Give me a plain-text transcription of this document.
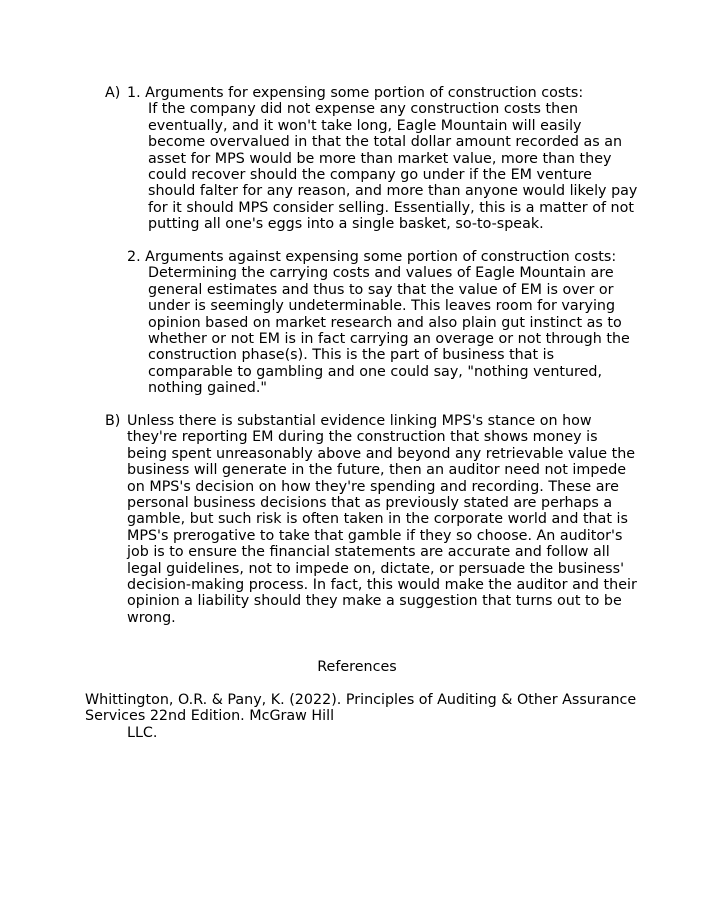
A) 1. Arguments for expensing some portion of construction costs:
If the company did not expense any construction costs then
eventually, and it won't take long, Eagle Mountain will easily
become overvalued in that the total dollar amount recorded as an
asset for MPS would be more than market value, more than they
could recover should the company go under if the EM venture
should falter for any reason, and more than anyone would likely pay
for it should MPS consider selling. Essentially, this is a matter of not
putting all one's eggs into a single basket, so-to-speak.
2. Arguments against expensing some portion of construction costs:
Determining the carrying costs and values of Eagle Mountain are
general estimates and thus to say that the value of EM is over or
under is seemingly undeterminable. This leaves room for varying
opinion based on market research and also plain gut instinct as to
whether or not EM is in fact carrying an overage or not through the
construction phase(s). This is the part of business that is
comparable to gambling and one could say, "nothing ventured,
nothing gained."
B) Unless there is substantial evidence linking MPS's stance on how
they're reporting EM during the construction that shows money is
being spent unreasonably above and beyond any retrievable value the
business will generate in the future, then an auditor need not impede
on MPS's decision on how they're spending and recording. These are
personal business decisions that as previously stated are perhaps a
gamble, but such risk is often taken in the corporate world and that is
MPS's prerogative to take that gamble if they so choose. An auditor's
job is to ensure the financial statements are accurate and follow all
legal guidelines, not to impede on, dictate, or persuade the business'
decision-making process. In fact, this would make the auditor and their
opinion a liability should they make a suggestion that turns out to be
wrong.
References
Whittington, O.R. & Pany, K. (2022). Principles of Auditing & Other Assurance
Services 22nd Edition. McGraw Hill
LLC.
